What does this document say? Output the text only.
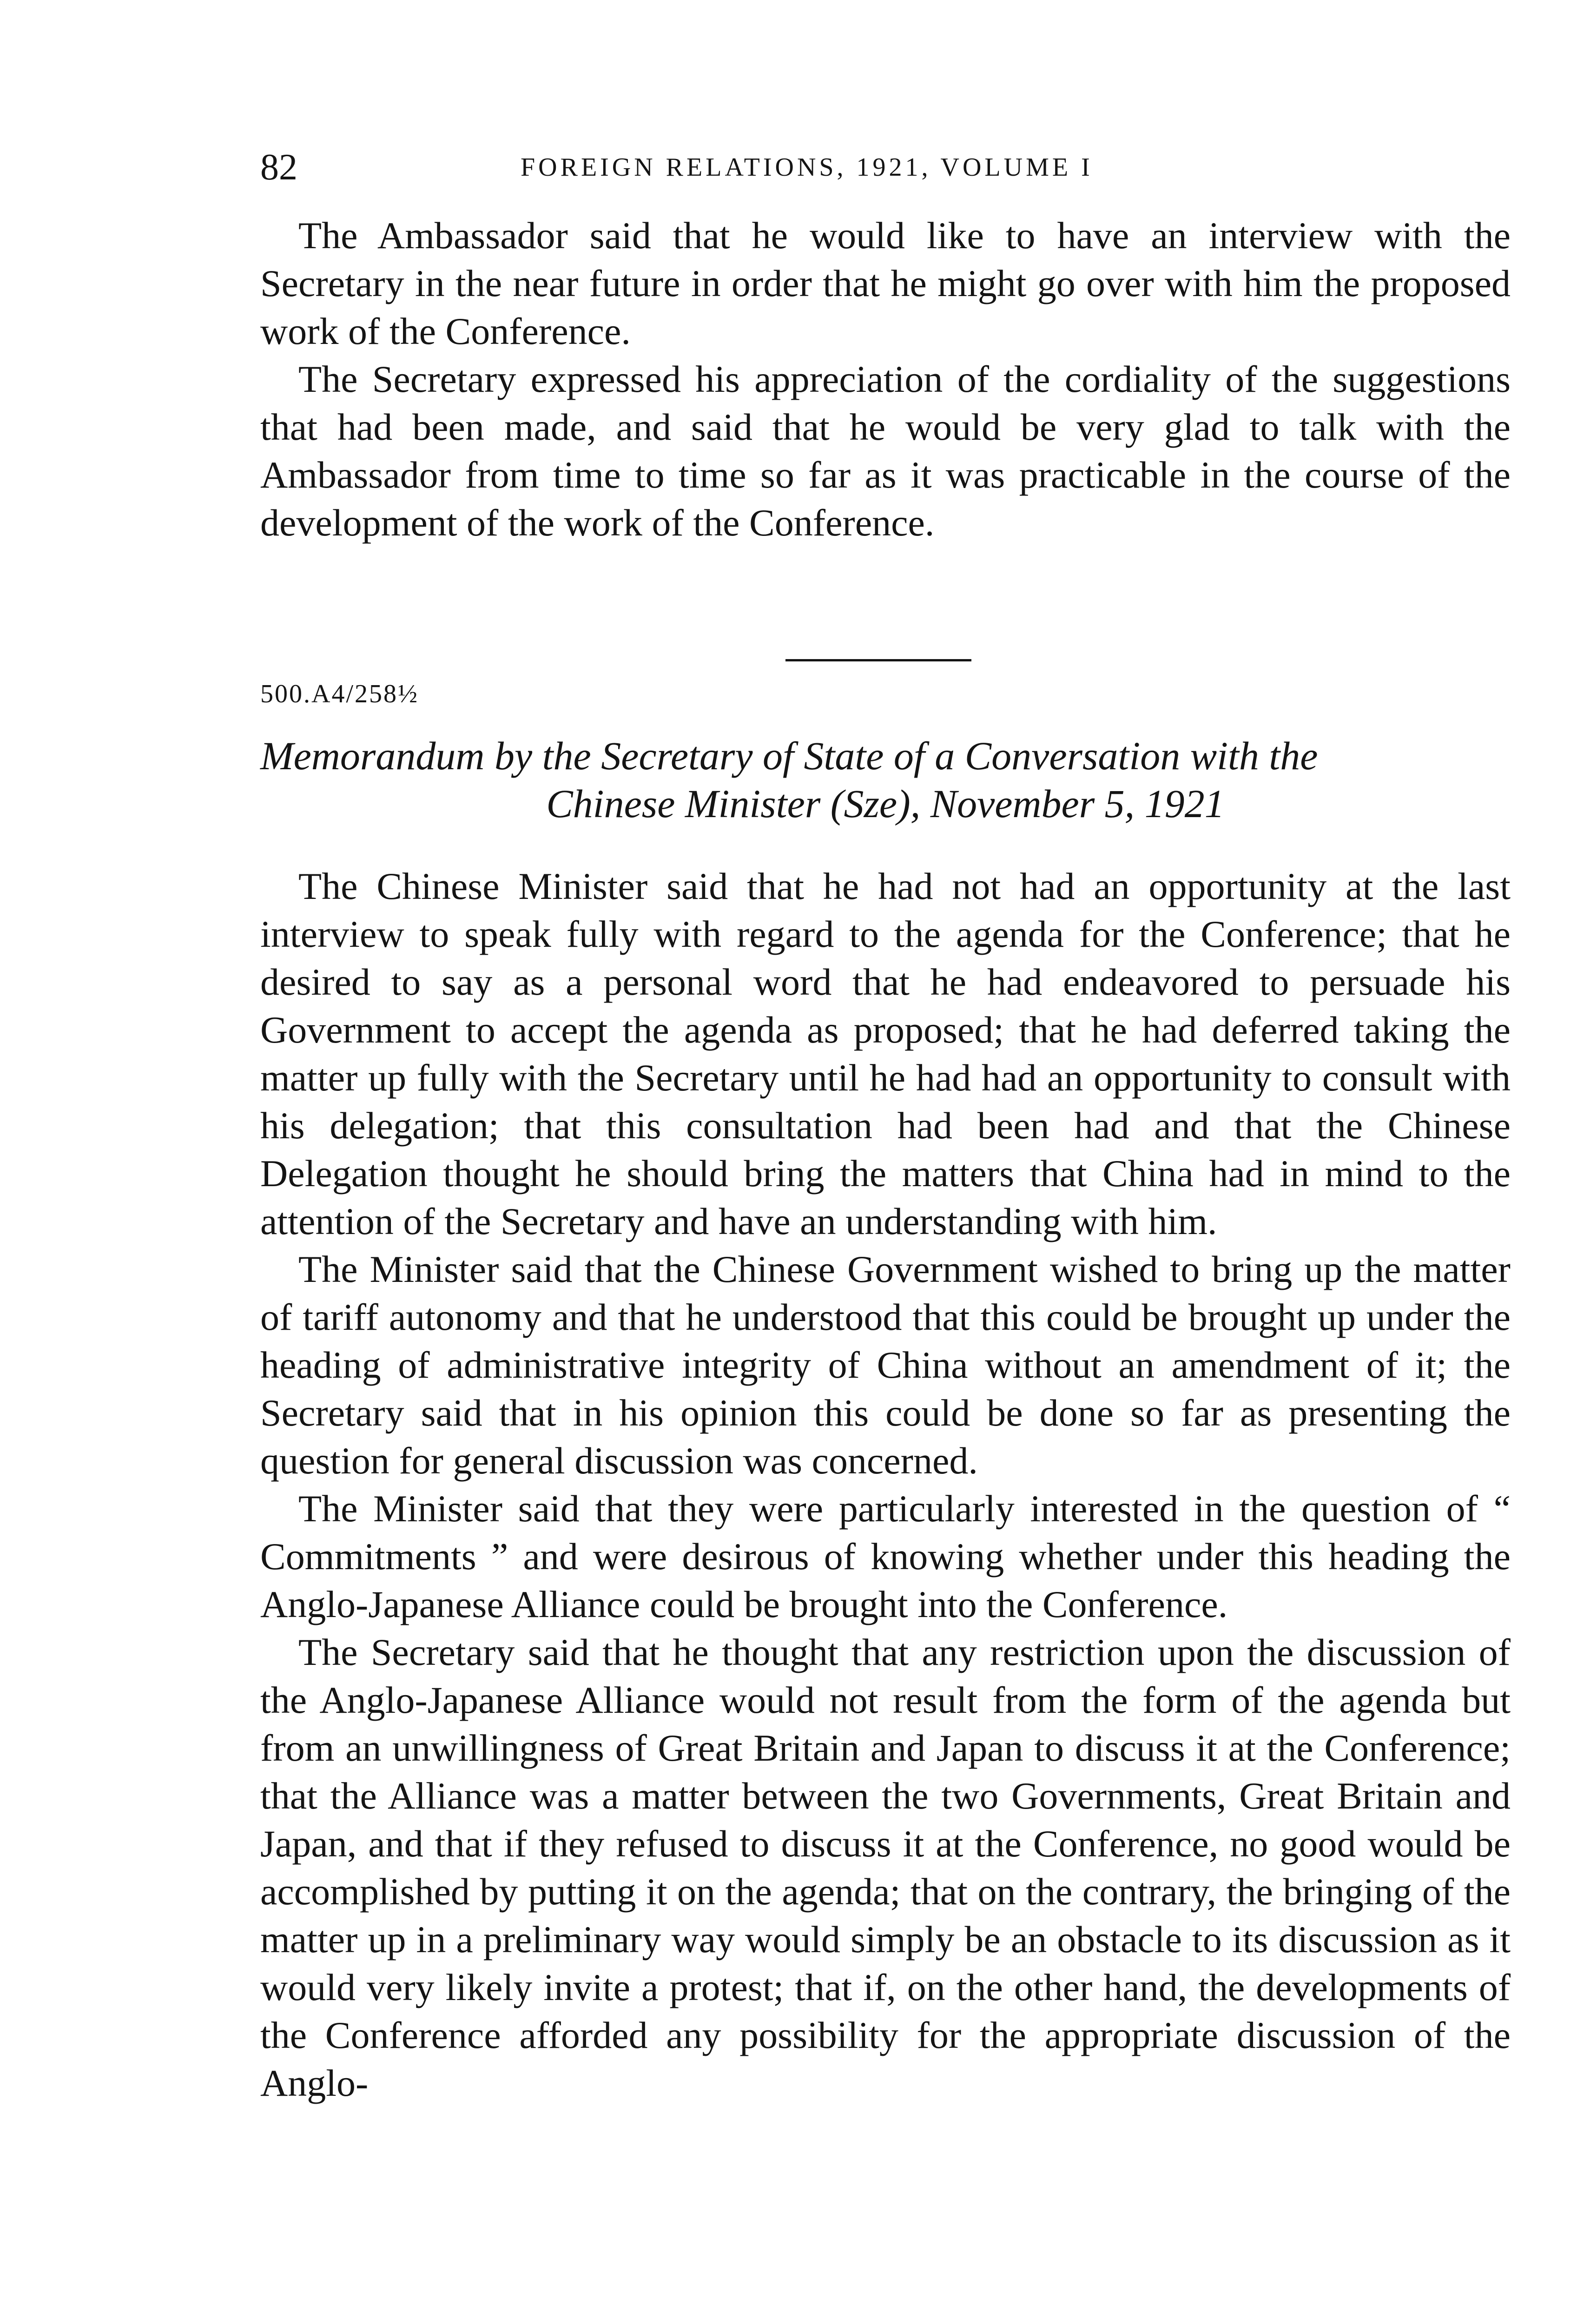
82	FOREIGN RELATIONS, 1921, VOLUME I

The Ambassador said that he would like to have an interview with the Secretary in the near future in order that he might go over with him the proposed work of the Conference.

The Secretary expressed his appreciation of the cordiality of the suggestions that had been made, and said that he would be very glad to talk with the Ambassador from time to time so far as it was practicable in the course of the development of the work of the Conference.

500.A4/258½
Memorandum by the Secretary of State of a Conversation with the
Chinese Minister (Sze), November 5, 1921

The Chinese Minister said that he had not had an opportunity at the last interview to speak fully with regard to the agenda for the Conference; that he desired to say as a personal word that he had endeavored to persuade his Government to accept the agenda as proposed; that he had deferred taking the matter up fully with the Secretary until he had had an opportunity to consult with his delegation; that this consultation had been had and that the Chinese Delegation thought he should bring the matters that China had in mind to the attention of the Secretary and have an understanding with him.

The Minister said that the Chinese Government wished to bring up the matter of tariff autonomy and that he understood that this could be brought up under the heading of administrative integrity of China without an amendment of it; the Secretary said that in his opinion this could be done so far as presenting the question for general discussion was concerned.

The Minister said that they were particularly interested in the question of “ Commitments ” and were desirous of knowing whether under this heading the Anglo-Japanese Alliance could be brought into the Conference.

The Secretary said that he thought that any restriction upon the discussion of the Anglo-Japanese Alliance would not result from the form of the agenda but from an unwillingness of Great Britain and Japan to discuss it at the Conference; that the Alliance was a matter between the two Governments, Great Britain and Japan, and that if they refused to discuss it at the Conference, no good would be accomplished by putting it on the agenda; that on the contrary, the bringing of the matter up in a preliminary way would simply be an obstacle to its discussion as it would very likely invite a protest; that if, on the other hand, the developments of the Conference afforded any possibility for the appropriate discussion of the Anglo-
